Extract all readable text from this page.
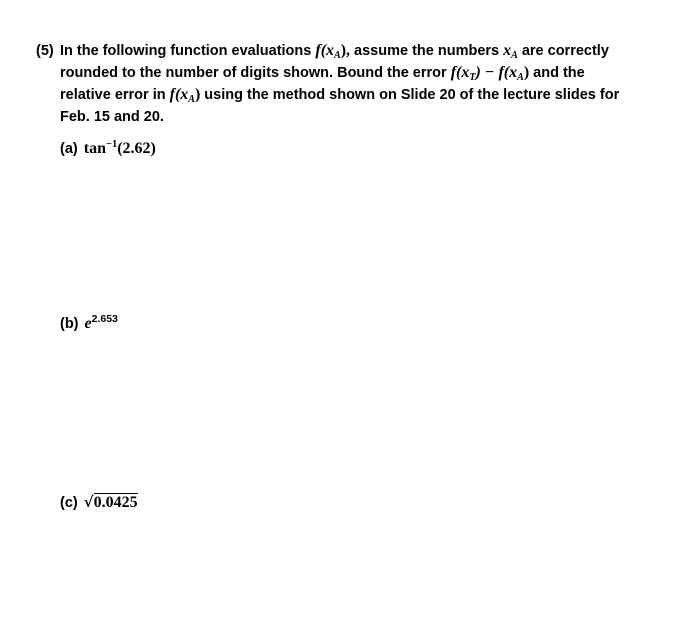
(5) In the following function evaluations $f(x_A)$, assume the numbers $x_A$ are correctly
rounded to the number of digits shown. Bound the error $f(x_T) - f(x_A)$ and the
relative error in $f(x_A)$ using the method shown on Slide 20 of the lecture slides for
Feb. 15 and 20.
(a) $\tan^{-1}(2.62)$
(b) $e^{2.653}$
(c) √0.0425
